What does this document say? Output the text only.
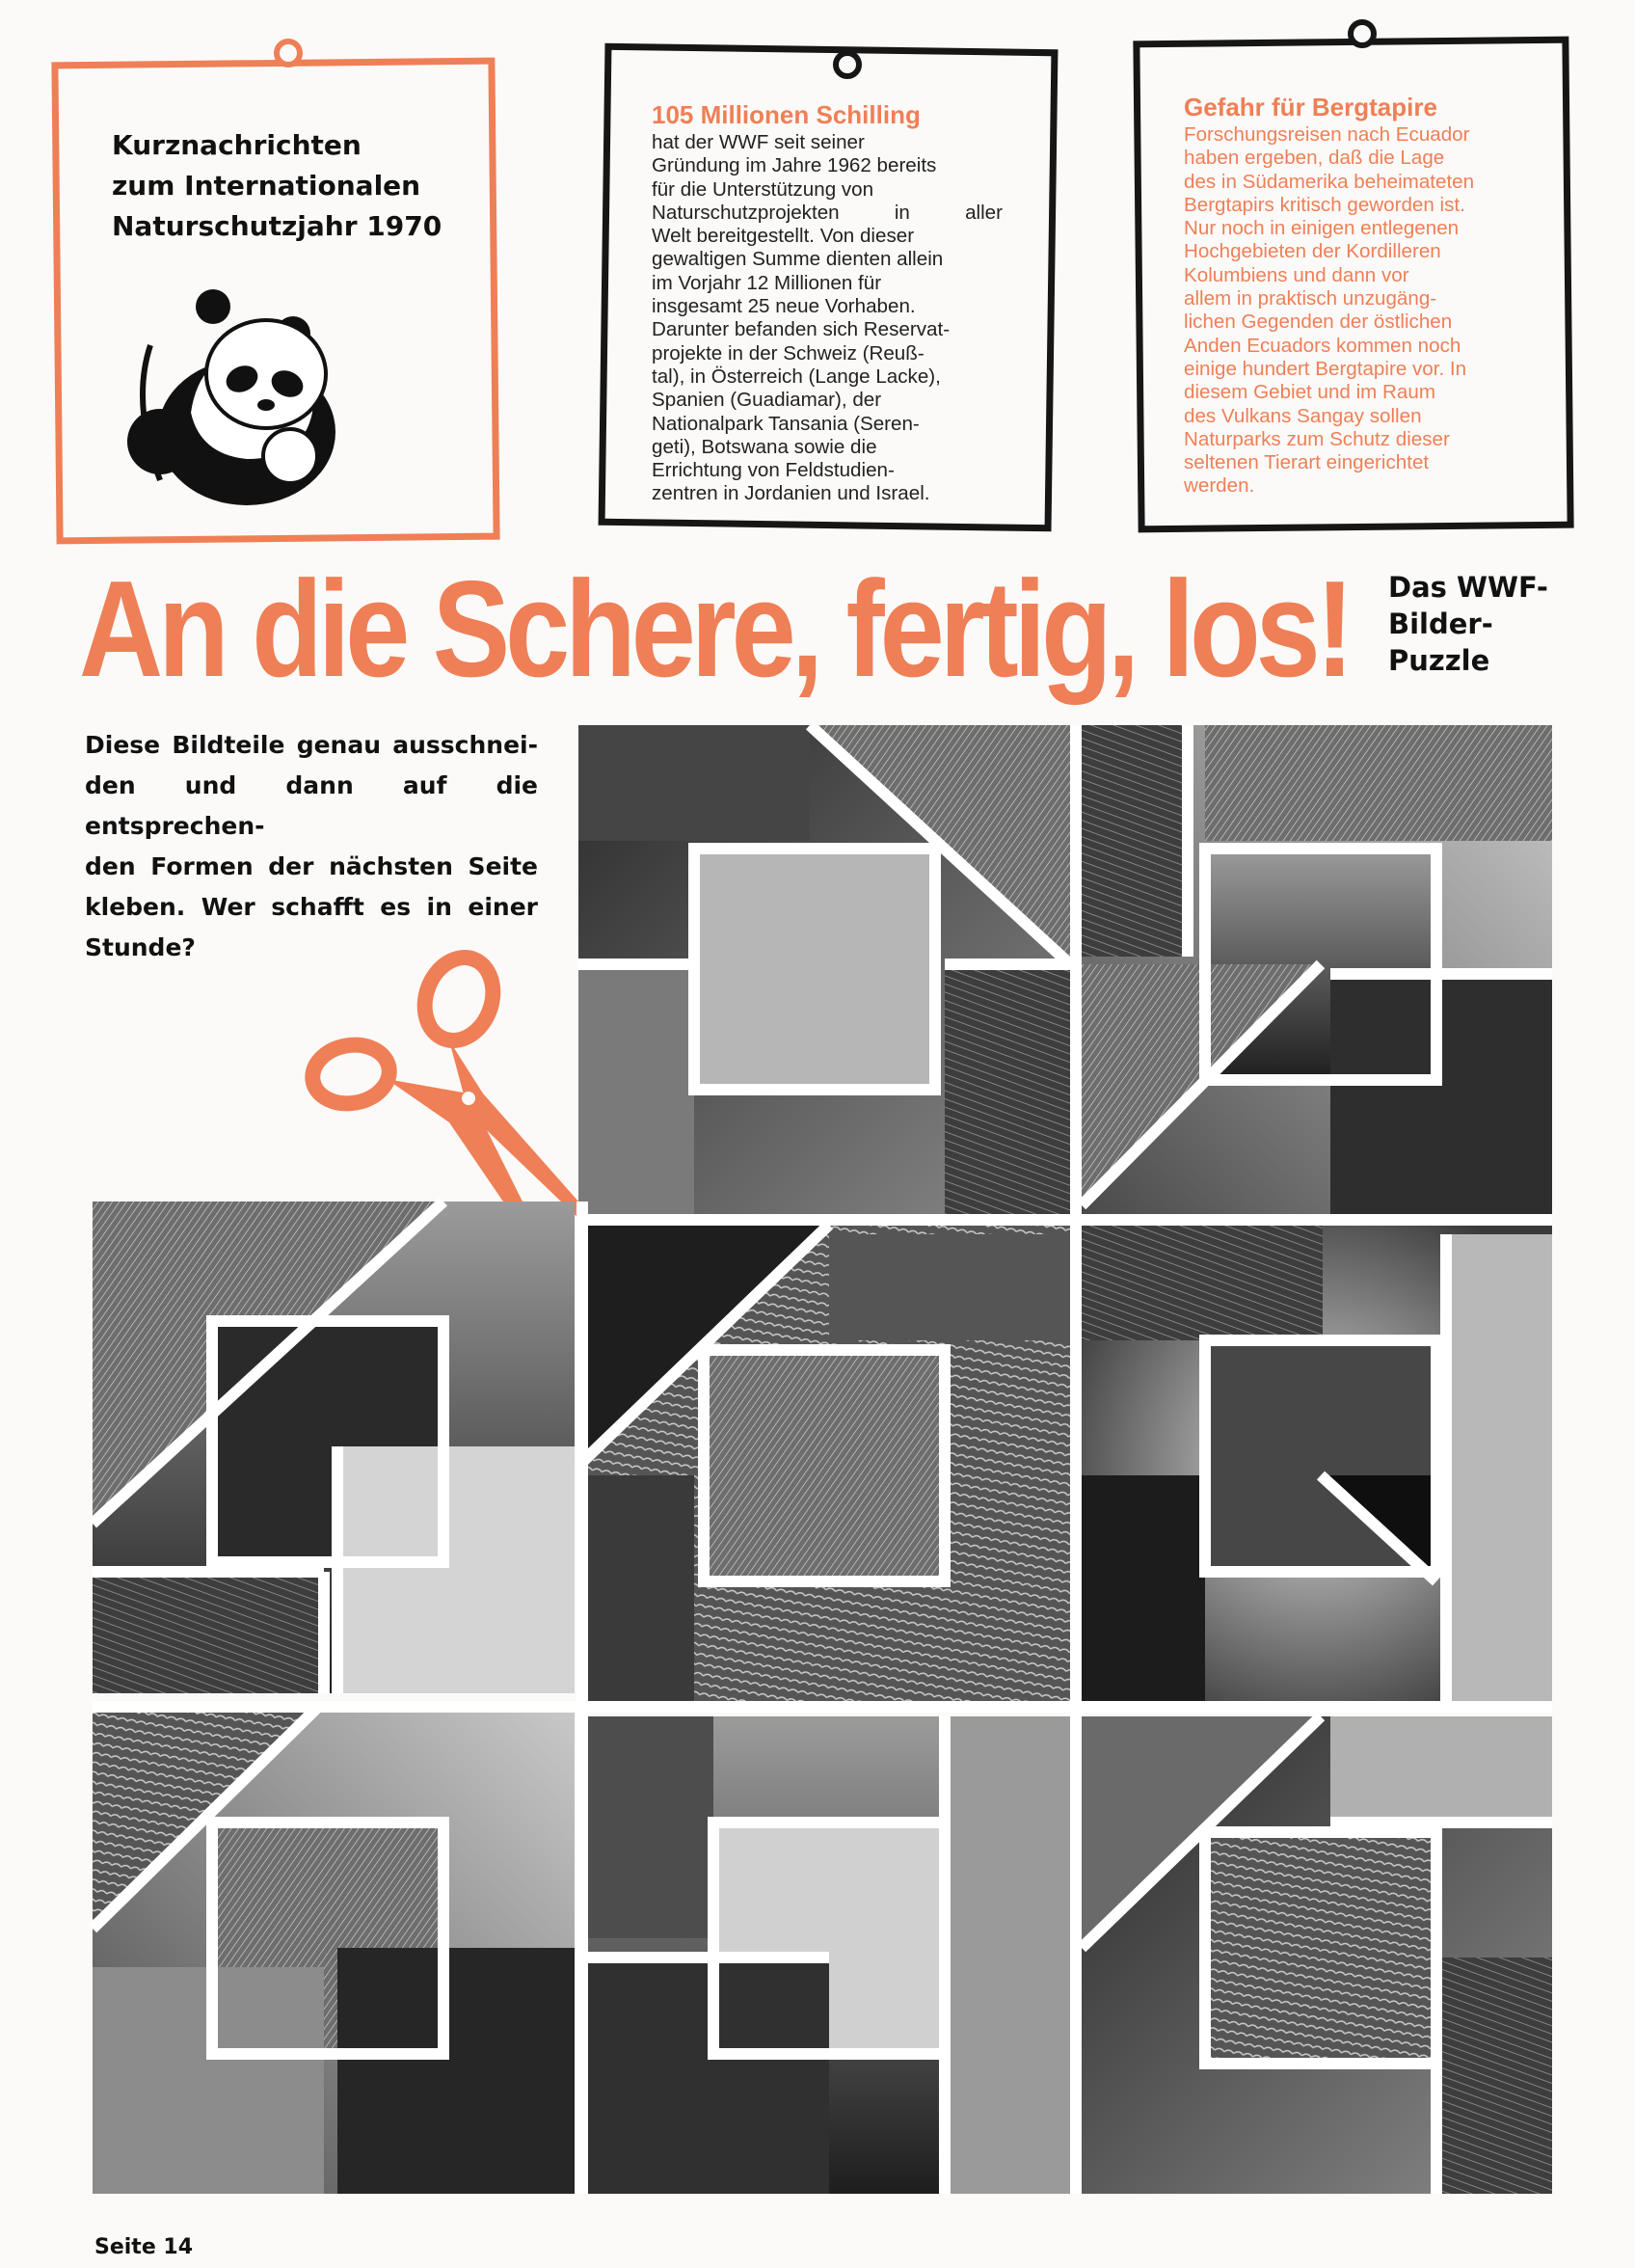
Kurznachrichten
zum Internationalen
Naturschutzjahr 1970
105 Millionen Schilling
hat der WWF seit seiner
Gründung im Jahre 1962 bereits
für die Unterstützung von
Naturschutzprojekten in aller
Welt bereitgestellt. Von dieser
gewaltigen Summe dienten allein
im Vorjahr 12 Millionen für
insgesamt 25 neue Vorhaben.
Darunter befanden sich Reservat-
projekte in der Schweiz (Reuß-
tal), in Österreich (Lange Lacke),
Spanien (Guadiamar), der
Nationalpark Tansania (Seren-
geti), Botswana sowie die
Errichtung von Feldstudien-
zentren in Jordanien und Israel.
Gefahr für Bergtapire
Forschungsreisen nach Ecuador
haben ergeben, daß die Lage
des in Südamerika beheimateten
Bergtapirs kritisch geworden ist.
Nur noch in einigen entlegenen
Hochgebieten der Kordilleren
Kolumbiens und dann vor
allem in praktisch unzugäng-
lichen Gegenden der östlichen
Anden Ecuadors kommen noch
einige hundert Bergtapire vor. In
diesem Gebiet und im Raum
des Vulkans Sangay sollen
Naturparks zum Schutz dieser
seltenen Tierart eingerichtet
werden.
An die Schere, fertig, los! Das WWF-
Bilder-
Puzzle
Diese Bildteile genau ausschnei-
den und dann auf die entsprechen-
den Formen der nächsten Seite
kleben. Wer schafft es in einer
Stunde?
Seite 14
